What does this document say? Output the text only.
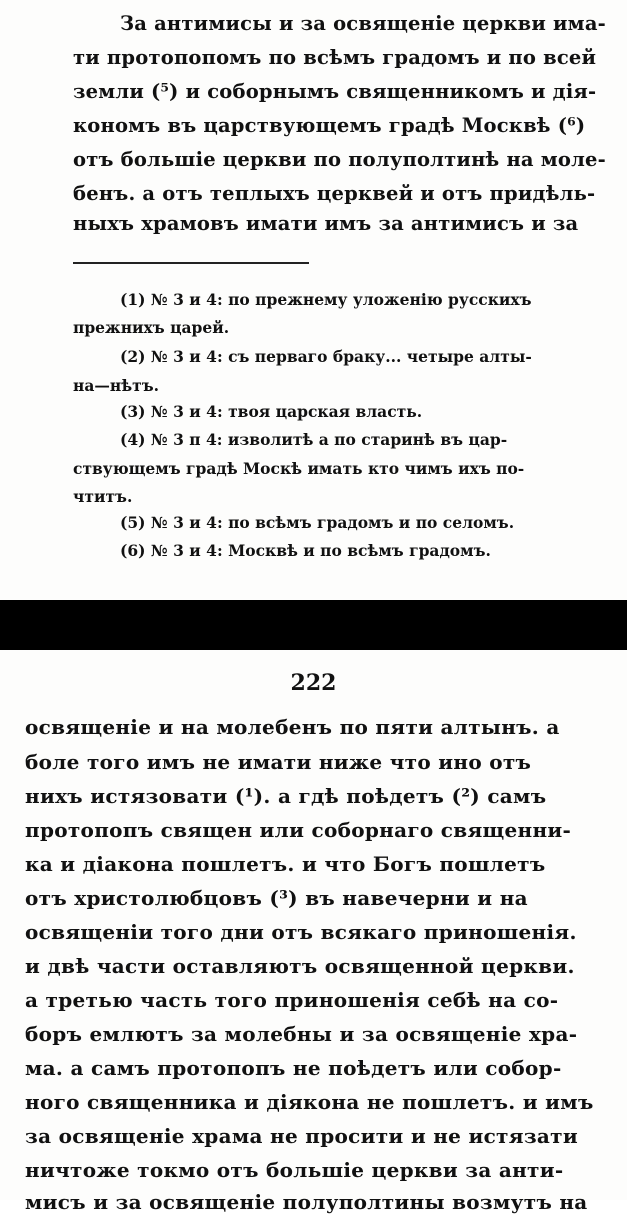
За антимисы и за освященіе церкви има-
ти протопопомъ по всѣмъ градомъ и по всей
земли (⁵) и соборнымъ священникомъ и дія-
кономъ въ царствующемъ градѣ Москвѣ (⁶)
отъ большіе церкви по полуполтинѣ на моле-
бенъ. а отъ теплыхъ церквей и отъ придѣль-
ныхъ храмовъ имати имъ за антимисъ и за
(1) № 3 и 4: по прежнему уложенію русскихъ
прежнихъ царей.
(2) № 3 и 4: съ перваго браку... четыре алты-
на—нѣтъ.
(3) № 3 и 4: твоя царская власть.
(4) № 3 п 4: изволитѣ а по старинѣ въ цар-
ствующемъ градѣ Москѣ имать кто чимъ ихъ по-
чтитъ.
(5) № 3 и 4: по всѣмъ градомъ и по селомъ.
(6) № 3 и 4: Москвѣ и по всѣмъ градомъ.
222
освященіе и на молебенъ по пяти алтынъ. а
боле того имъ не имати ниже что ино отъ
нихъ истязовати (¹). а гдѣ поѣдетъ (²) самъ
протопопъ священ или соборнаго священни-
ка и діакона пошлетъ. и что Богъ пошлетъ
отъ христолюбцовъ (³) въ навечерни и на
освященіи того дни отъ всякаго приношенія.
и двѣ части оставляютъ освященной церкви.
а третью часть того приношенія себѣ на со-
боръ емлютъ за молебны и за освященіе хра-
ма. а самъ протопопъ не поѣдетъ или собор-
ного священника и діякона не пошлетъ. и имъ
за освященіе храма не просити и не истязати
ничтоже токмо отъ большіе церкви за анти-
мисъ и за освященіе полуполтины возмутъ на
